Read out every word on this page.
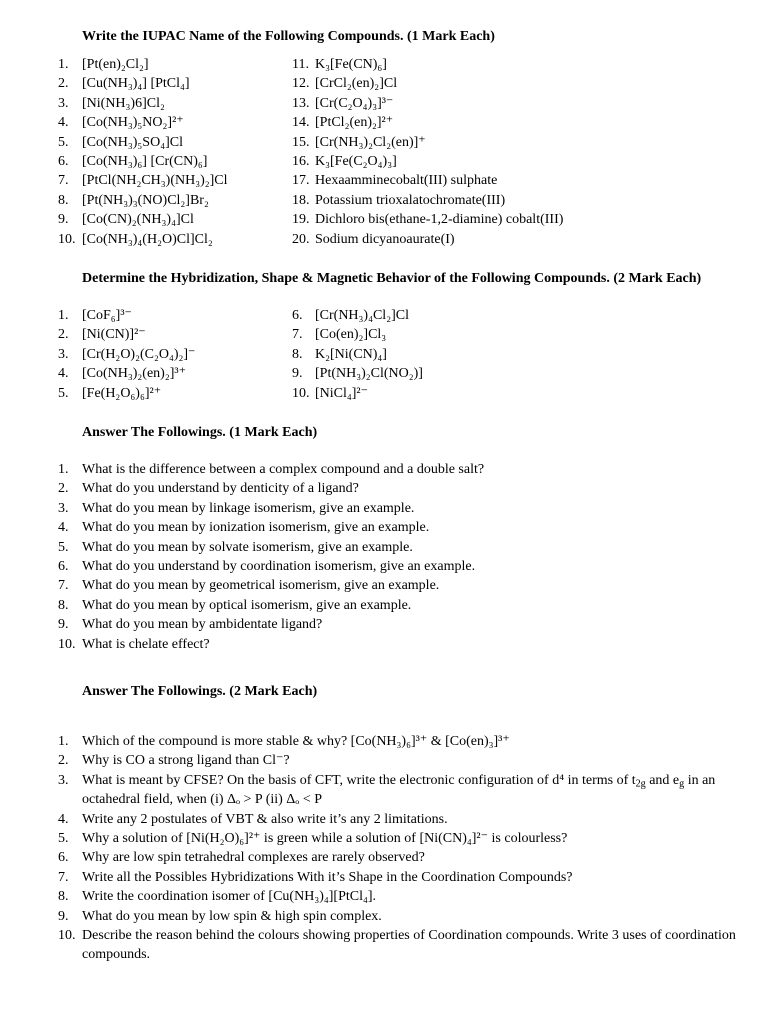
Write the IUPAC Name of the Following Compounds. (1 Mark Each)
1. [Pt(en)₂Cl₂]
2. [Cu(NH₃)₄] [PtCl₄]
3. [Ni(NH₃)6]Cl₂
4. [Co(NH₃)₅NO₂]²⁺
5. [Co(NH₃)₅SO₄]Cl
6. [Co(NH₃)₆] [Cr(CN)₆]
7. [PtCl(NH₂CH₃)(NH₃)₂]Cl
8. [Pt(NH₃)₃(NO)Cl₂]Br₂
9. [Co(CN)₂(NH₃)₄]Cl
10. [Co(NH₃)₄(H₂O)Cl]Cl₂
11. K₃[Fe(CN)₆]
12. [CrCl₂(en)₂]Cl
13. [Cr(C₂O₄)₃]³⁻
14. [PtCl₂(en)₂]²⁺
15. [Cr(NH₃)₂Cl₂(en)]⁺
16. K₃[Fe(C₂O₄)₃]
17. Hexaamminecobalt(III) sulphate
18. Potassium trioxalatochromate(III)
19. Dichloro bis(ethane-1,2-diamine) cobalt(III)
20. Sodium dicyanoaurate(I)
Determine the Hybridization, Shape & Magnetic Behavior of the Following Compounds. (2 Mark Each)
1. [CoF₆]³⁻
2. [Ni(CN)]²⁻
3. [Cr(H₂O)₂(C₂O₄)₂]⁻
4. [Co(NH₃)₂(en)₂]³⁺
5. [Fe(H₂O₆)₆]²⁺
6. [Cr(NH₃)₄Cl₂]Cl
7. [Co(en)₂]Cl₃
8. K₂[Ni(CN)₄]
9. [Pt(NH₃)₂Cl(NO₂)]
10. [NiCl₄]²⁻
Answer The Followings. (1 Mark Each)
1. What is the difference between a complex compound and a double salt?
2. What do you understand by denticity of a ligand?
3. What do you mean by linkage isomerism, give an example.
4. What do you mean by ionization isomerism, give an example.
5. What do you mean by solvate isomerism, give an example.
6. What do you understand by coordination isomerism, give an example.
7. What do you mean by geometrical isomerism, give an example.
8. What do you mean by optical isomerism, give an example.
9. What do you mean by ambidentate ligand?
10. What is chelate effect?
Answer The Followings. (2 Mark Each)
1. Which of the compound is more stable & why? [Co(NH₃)₆]³⁺ & [Co(en)₃]³⁺
2. Why is CO a strong ligand than Cl⁻?
3. What is meant by CFSE? On the basis of CFT, write the electronic configuration of d⁴ in terms of $t_{2g}$ and $e_g$ in an octahedral field, when (i) Δₒ > P (ii) Δₒ < P
4. Write any 2 postulates of VBT & also write it’s any 2 limitations.
5. Why a solution of [Ni(H₂O)₆]²⁺ is green while a solution of [Ni(CN)₄]²⁻ is colourless?
6. Why are low spin tetrahedral complexes are rarely observed?
7. Write all the Possibles Hybridizations With it’s Shape in the Coordination Compounds?
8. Write the coordination isomer of [Cu(NH₃)₄][PtCl₄].
9. What do you mean by low spin & high spin complex.
10. Describe the reason behind the colours showing properties of Coordination compounds. Write 3 uses of coordination compounds.
